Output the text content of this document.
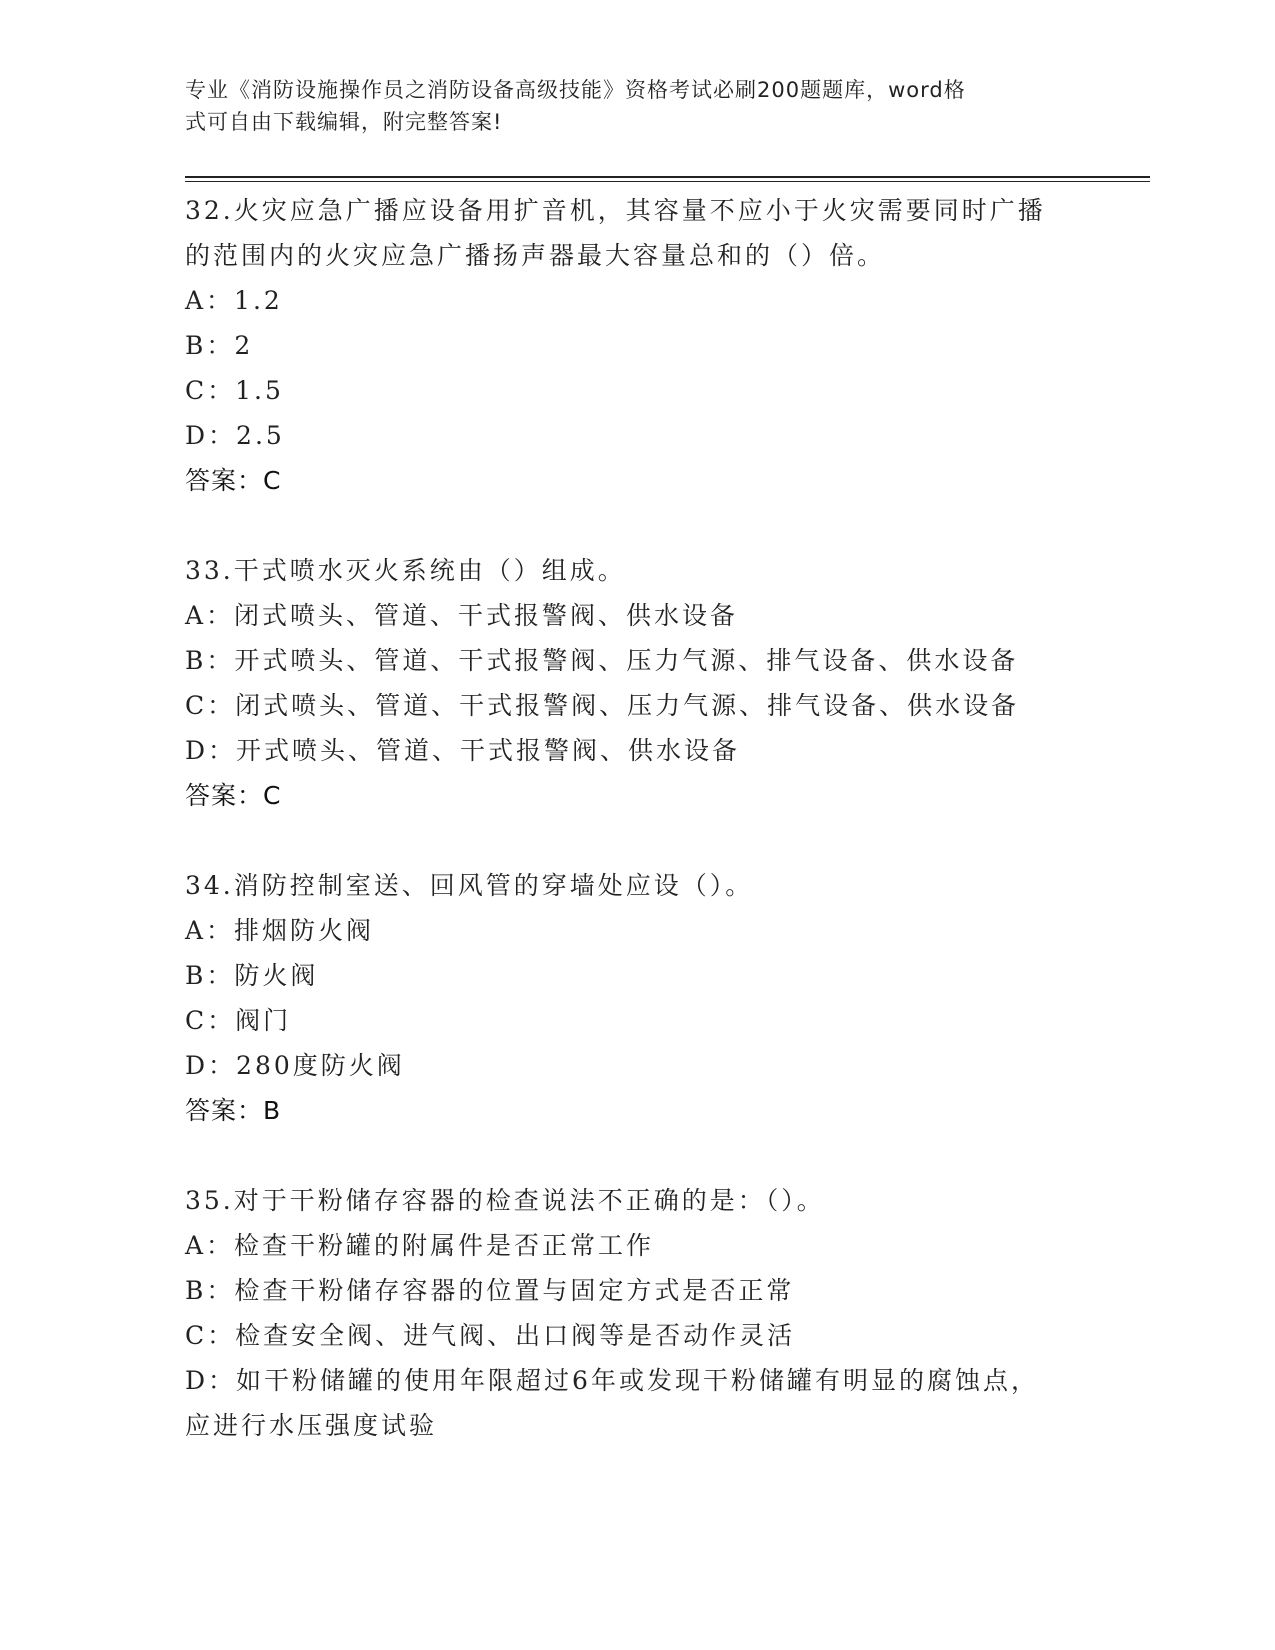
专业《消防设施操作员之消防设备高级技能》资格考试必刷200题题库，word格
式可自由下载编辑，附完整答案!
32.火灾应急广播应设备用扩音机，其容量不应小于火灾需要同时广播
的范围内的火灾应急广播扬声器最大容量总和的（）倍。
A：1.2
B：2
C：1.5
D：2.5
答案：C
33.干式喷水灭火系统由（）组成。
A：闭式喷头、管道、干式报警阀、供水设备
B：开式喷头、管道、干式报警阀、压力气源、排气设备、供水设备
C：闭式喷头、管道、干式报警阀、压力气源、排气设备、供水设备
D：开式喷头、管道、干式报警阀、供水设备
答案：C
34.消防控制室送、回风管的穿墙处应设（）。
A：排烟防火阀
B：防火阀
C：阀门
D：280度防火阀
答案：B
35.对于干粉储存容器的检查说法不正确的是：（）。
A：检查干粉罐的附属件是否正常工作
B：检查干粉储存容器的位置与固定方式是否正常
C：检查安全阀、进气阀、出口阀等是否动作灵活
D：如干粉储罐的使用年限超过6年或发现干粉储罐有明显的腐蚀点，
应进行水压强度试验
